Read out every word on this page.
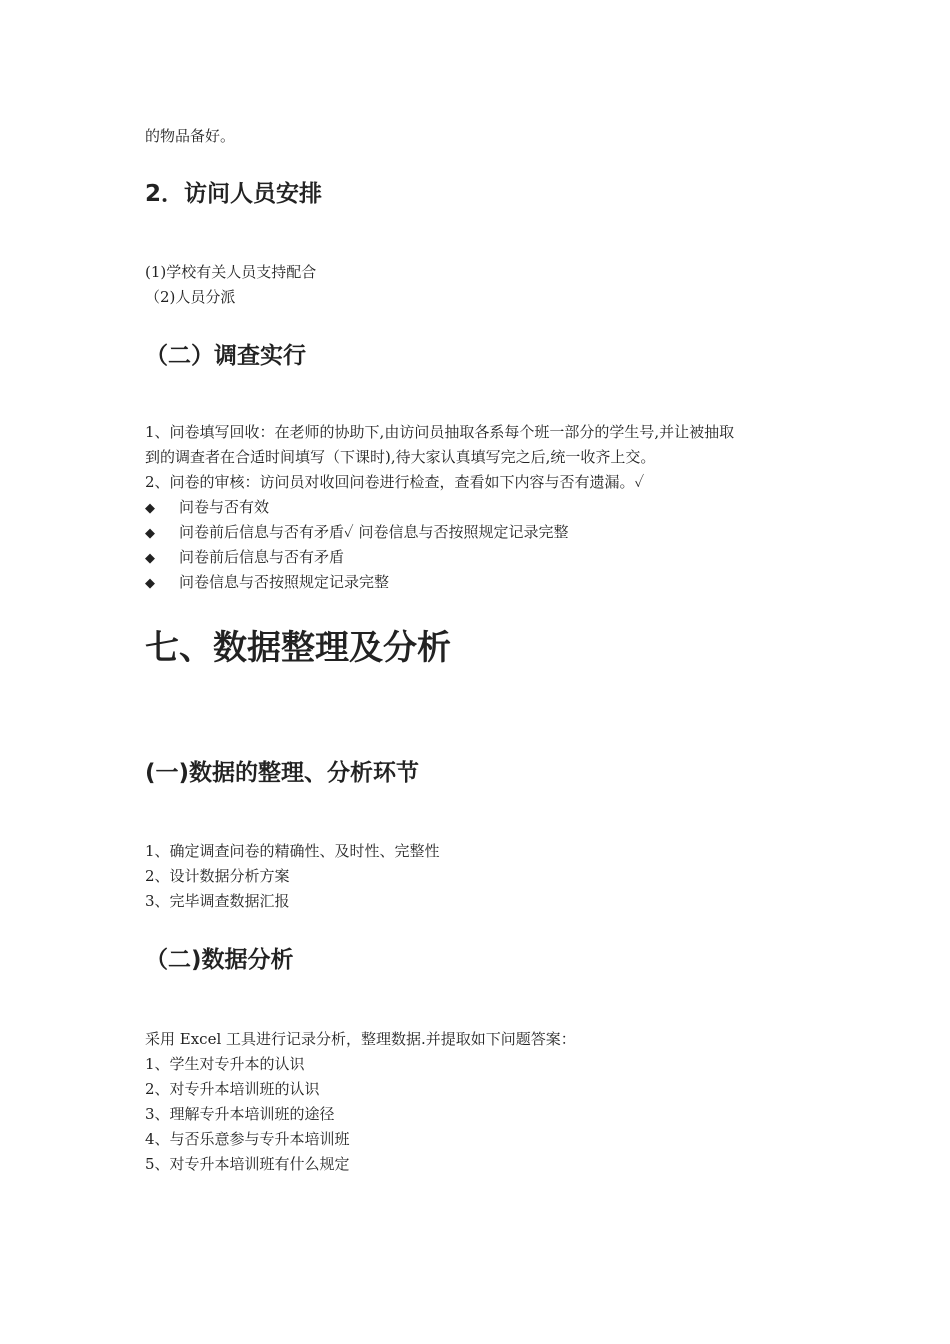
的物品备好。
2．访问人员安排
(1)学校有关人员支持配合
（2)人员分派
（二）调查实行
1、问卷填写回收：在老师的协助下,由访问员抽取各系每个班一部分的学生号,并让被抽取
到的调查者在合适时间填写（下课时),待大家认真填写完之后,统一收齐上交。
2、问卷的审核：访问员对收回问卷进行检查，查看如下内容与否有遗漏。✓
◆ 问卷与否有效
◆ 问卷前后信息与否有矛盾✓ 问卷信息与否按照规定记录完整
◆ 问卷前后信息与否有矛盾
◆ 问卷信息与否按照规定记录完整
七、数据整理及分析
(一)数据的整理、分析环节
1、确定调查问卷的精确性、及时性、完整性
2、设计数据分析方案
3、完毕调查数据汇报
（二)数据分析
采用 Excel 工具进行记录分析，整理数据.并提取如下问题答案：
1、学生对专升本的认识
2、对专升本培训班的认识
3、理解专升本培训班的途径
4、与否乐意参与专升本培训班
5、对专升本培训班有什么规定
